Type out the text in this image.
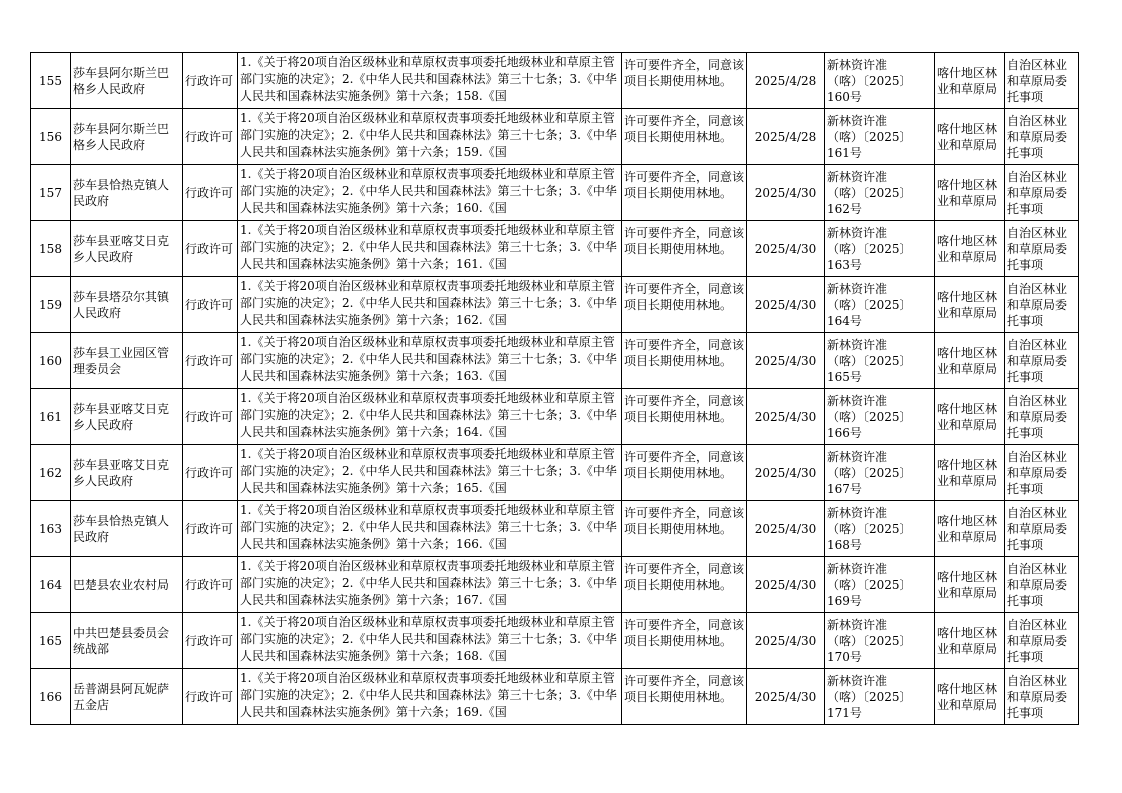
155	莎车县阿尔斯兰巴格乡人民政府	行政许可	1.《关于将20项自治区级林业和草原权责事项委托地级林业和草原主管部门实施的决定》；2.《中华人民共和国森林法》第三十七条；3.《中华人民共和国森林法实施条例》第十六条；158.《国	许可要件齐全，同意该项目长期使用林地。	2025/4/28	新林资许准
（喀）〔2025〕
160号	喀什地区林业和草原局	自治区林业和草原局委托事项
156	莎车县阿尔斯兰巴格乡人民政府	行政许可	1.《关于将20项自治区级林业和草原权责事项委托地级林业和草原主管部门实施的决定》；2.《中华人民共和国森林法》第三十七条；3.《中华人民共和国森林法实施条例》第十六条；159.《国	许可要件齐全，同意该项目长期使用林地。	2025/4/28	新林资许准
（喀）〔2025〕
161号	喀什地区林业和草原局	自治区林业和草原局委托事项
157	莎车县恰热克镇人民政府	行政许可	1.《关于将20项自治区级林业和草原权责事项委托地级林业和草原主管部门实施的决定》；2.《中华人民共和国森林法》第三十七条；3.《中华人民共和国森林法实施条例》第十六条；160.《国	许可要件齐全，同意该项目长期使用林地。	2025/4/30	新林资许准
（喀）〔2025〕
162号	喀什地区林业和草原局	自治区林业和草原局委托事项
158	莎车县亚喀艾日克乡人民政府	行政许可	1.《关于将20项自治区级林业和草原权责事项委托地级林业和草原主管部门实施的决定》；2.《中华人民共和国森林法》第三十七条；3.《中华人民共和国森林法实施条例》第十六条；161.《国	许可要件齐全，同意该项目长期使用林地。	2025/4/30	新林资许准
（喀）〔2025〕
163号	喀什地区林业和草原局	自治区林业和草原局委托事项
159	莎车县塔尕尔其镇人民政府	行政许可	1.《关于将20项自治区级林业和草原权责事项委托地级林业和草原主管部门实施的决定》；2.《中华人民共和国森林法》第三十七条；3.《中华人民共和国森林法实施条例》第十六条；162.《国	许可要件齐全，同意该项目长期使用林地。	2025/4/30	新林资许准
（喀）〔2025〕
164号	喀什地区林业和草原局	自治区林业和草原局委托事项
160	莎车县工业园区管理委员会	行政许可	1.《关于将20项自治区级林业和草原权责事项委托地级林业和草原主管部门实施的决定》；2.《中华人民共和国森林法》第三十七条；3.《中华人民共和国森林法实施条例》第十六条；163.《国	许可要件齐全，同意该项目长期使用林地。	2025/4/30	新林资许准
（喀）〔2025〕
165号	喀什地区林业和草原局	自治区林业和草原局委托事项
161	莎车县亚喀艾日克乡人民政府	行政许可	1.《关于将20项自治区级林业和草原权责事项委托地级林业和草原主管部门实施的决定》；2.《中华人民共和国森林法》第三十七条；3.《中华人民共和国森林法实施条例》第十六条；164.《国	许可要件齐全，同意该项目长期使用林地。	2025/4/30	新林资许准
（喀）〔2025〕
166号	喀什地区林业和草原局	自治区林业和草原局委托事项
162	莎车县亚喀艾日克乡人民政府	行政许可	1.《关于将20项自治区级林业和草原权责事项委托地级林业和草原主管部门实施的决定》；2.《中华人民共和国森林法》第三十七条；3.《中华人民共和国森林法实施条例》第十六条；165.《国	许可要件齐全，同意该项目长期使用林地。	2025/4/30	新林资许准
（喀）〔2025〕
167号	喀什地区林业和草原局	自治区林业和草原局委托事项
163	莎车县恰热克镇人民政府	行政许可	1.《关于将20项自治区级林业和草原权责事项委托地级林业和草原主管部门实施的决定》；2.《中华人民共和国森林法》第三十七条；3.《中华人民共和国森林法实施条例》第十六条；166.《国	许可要件齐全，同意该项目长期使用林地。	2025/4/30	新林资许准
（喀）〔2025〕
168号	喀什地区林业和草原局	自治区林业和草原局委托事项
164	巴楚县农业农村局	行政许可	1.《关于将20项自治区级林业和草原权责事项委托地级林业和草原主管部门实施的决定》；2.《中华人民共和国森林法》第三十七条；3.《中华人民共和国森林法实施条例》第十六条；167.《国	许可要件齐全，同意该项目长期使用林地。	2025/4/30	新林资许准
（喀）〔2025〕
169号	喀什地区林业和草原局	自治区林业和草原局委托事项
165	中共巴楚县委员会统战部	行政许可	1.《关于将20项自治区级林业和草原权责事项委托地级林业和草原主管部门实施的决定》；2.《中华人民共和国森林法》第三十七条；3.《中华人民共和国森林法实施条例》第十六条；168.《国	许可要件齐全，同意该项目长期使用林地。	2025/4/30	新林资许准
（喀）〔2025〕
170号	喀什地区林业和草原局	自治区林业和草原局委托事项
166	岳普湖县阿瓦妮萨五金店	行政许可	1.《关于将20项自治区级林业和草原权责事项委托地级林业和草原主管部门实施的决定》；2.《中华人民共和国森林法》第三十七条；3.《中华人民共和国森林法实施条例》第十六条；169.《国	许可要件齐全，同意该项目长期使用林地。	2025/4/30	新林资许准
（喀）〔2025〕
171号	喀什地区林业和草原局	自治区林业和草原局委托事项
